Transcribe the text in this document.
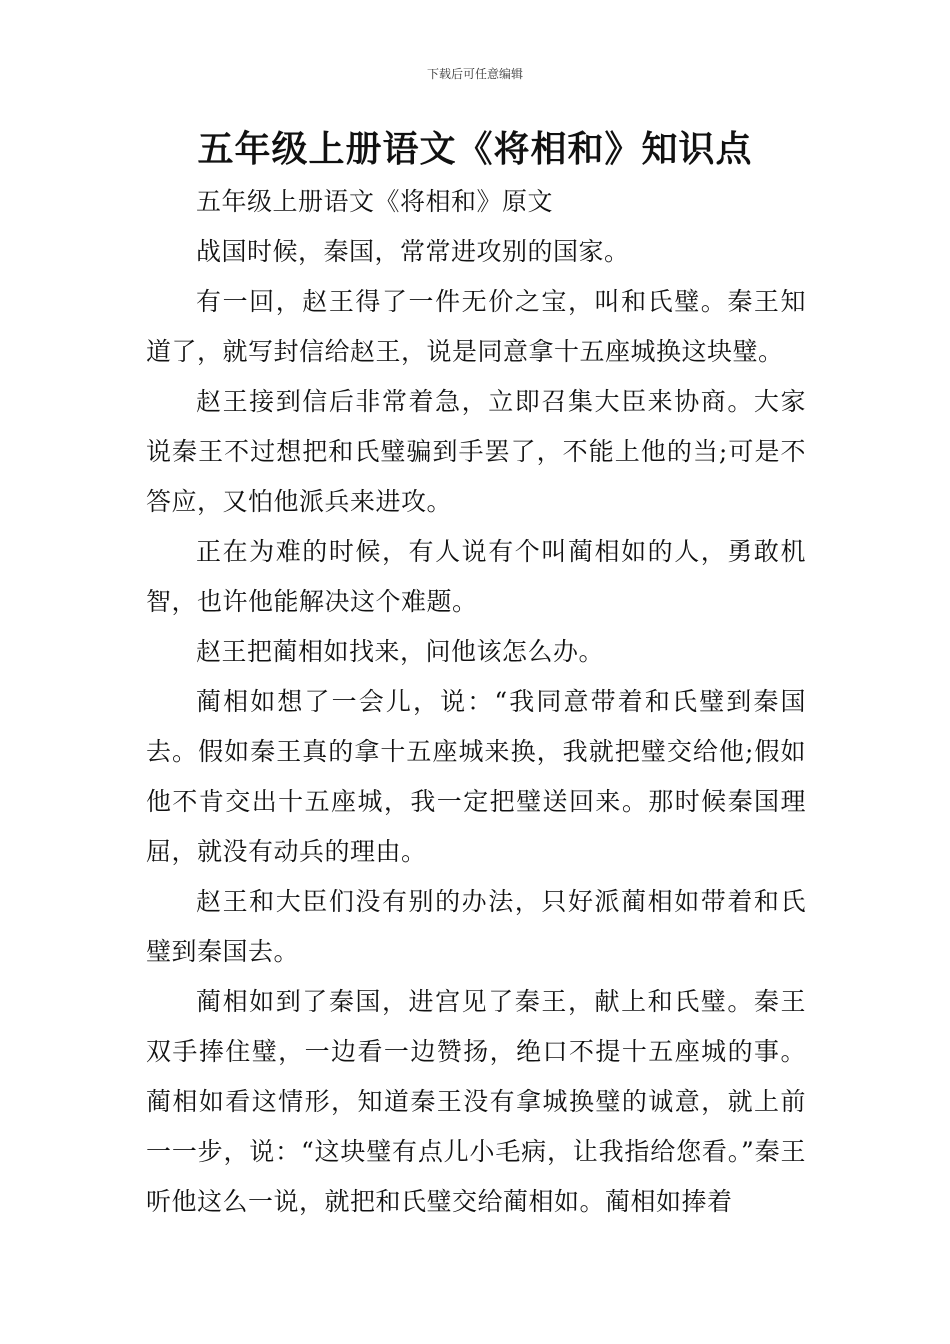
下载后可任意编辑
五年级上册语文《将相和》知识点

五年级上册语文《将相和》原文

战国时候，秦国，常常进攻别的国家。

有一回，赵王得了一件无价之宝，叫和氏璧。秦王知道了，就写封信给赵王，说是同意拿十五座城换这块璧。

赵王接到信后非常着急，立即召集大臣来协商。大家说秦王不过想把和氏璧骗到手罢了，不能上他的当;可是不答应，又怕他派兵来进攻。

正在为难的时候，有人说有个叫蔺相如的人，勇敢机智，也许他能解决这个难题。

赵王把蔺相如找来，问他该怎么办。

蔺相如想了一会儿，说：“我同意带着和氏璧到秦国去。假如秦王真的拿十五座城来换，我就把璧交给他;假如他不肯交出十五座城，我一定把璧送回来。那时候秦国理屈，就没有动兵的理由。

赵王和大臣们没有别的办法，只好派蔺相如带着和氏璧到秦国去。

蔺相如到了秦国，进宫见了秦王，献上和氏璧。秦王双手捧住璧，一边看一边赞扬，绝口不提十五座城的事。蔺相如看这情形，知道秦王没有拿城换璧的诚意，就上前一一步，说：“这块璧有点儿小毛病，让我指给您看。”秦王听他这么一说，就把和氏璧交给蔺相如。蔺相如捧着
